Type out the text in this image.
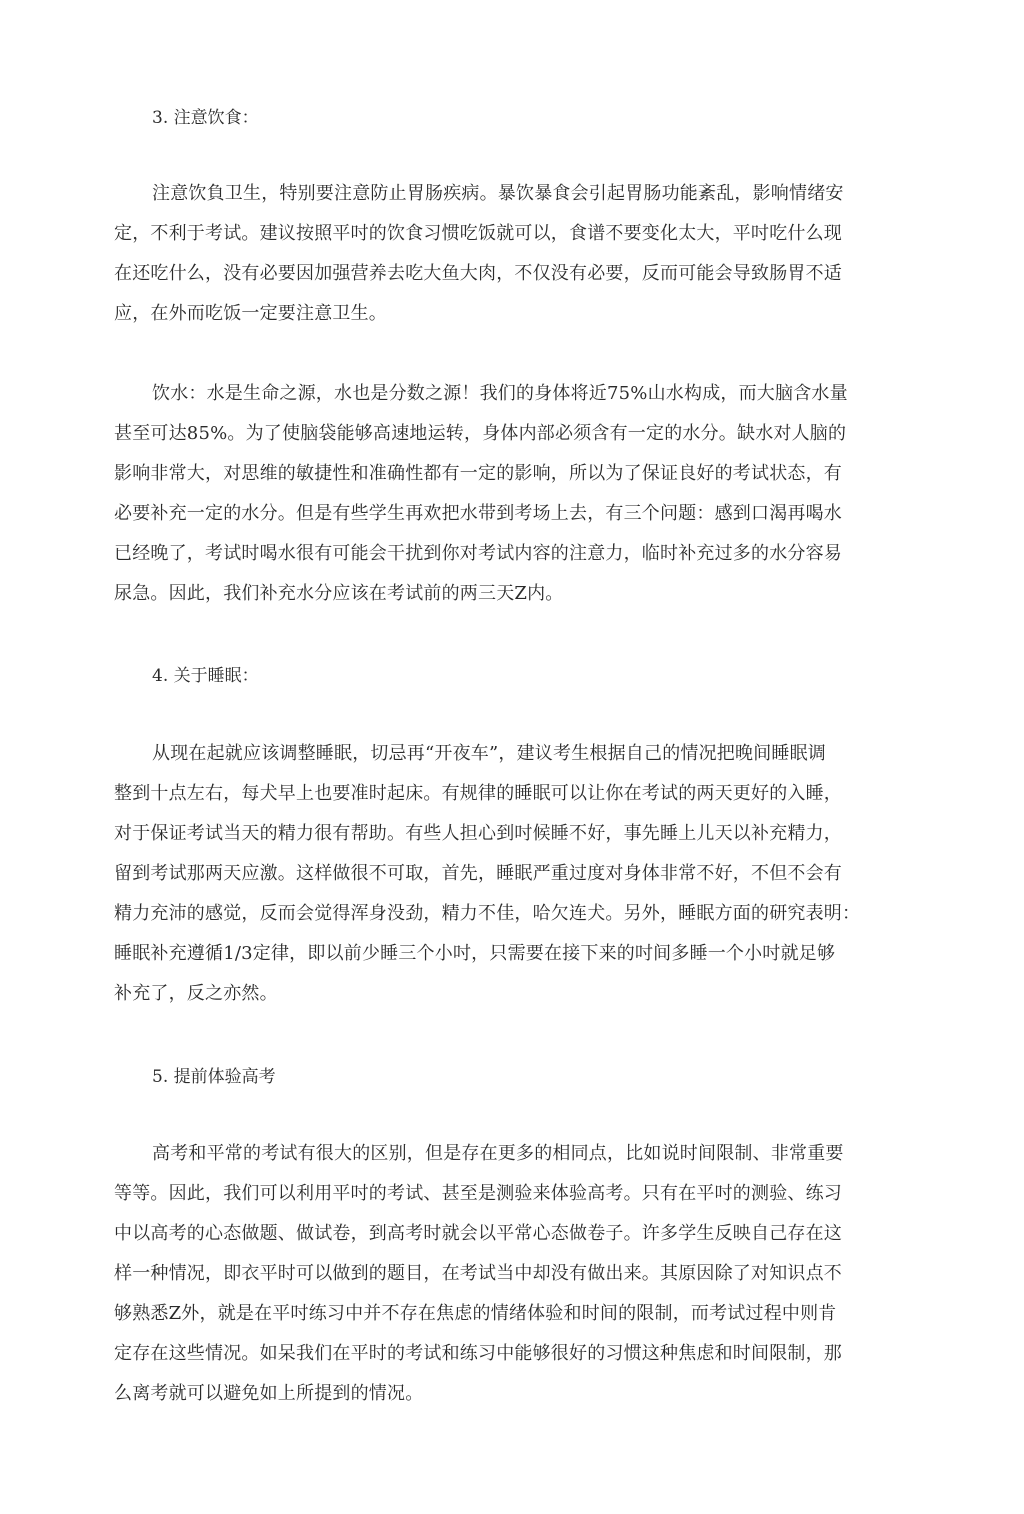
3. 注意饮食：

注意饮負卫生，特别要注意防止胃肠疾病。暴饮暴食会引起胃肠功能紊乱，影响情绪安
定，不利于考试。建议按照平吋的饮食习惯吃饭就可以，食谱不要变化太大，平吋吃什么现
在还吃什么，没有必要因加强营养去吃大鱼大肉，不仅没有必要，反而可能会导致肠胃不适
应，在外而吃饭一定要注意卫生。

饮水：水是生命之源，水也是分数之源！我们的身体将近75%山水构成，而大脑含水量
甚至可达85%。为了使脑袋能够高速地运转，身体内部必须含有一定的水分。缺水对人脑的
影响非常大，对思维的敏捷性和准确性都有一定的影响，所以为了保证良好的考试状态，有
必要补充一定的水分。但是有些学生再欢把水带到考场上去，有三个问题：感到口渴再喝水
已经晚了，考试时喝水很有可能会干扰到你对考试内容的注意力，临时补充过多的水分容易
尿急。因此，我们补充水分应该在考试前的两三天Z内。

4. 关于睡眠：

从现在起就应该调整睡眠，切忌再“开夜车”，建议考生根据自己的情况把晚间睡眠调
整到十点左右，每犬早上也要准时起床。有规律的睡眠可以让你在考试的两天更好的入睡，
对于保证考试当天的精力很有帮助。有些人担心到吋候睡不好，事先睡上儿天以补充精力，
留到考试那两天应激。这样做很不可取，首先，睡眠严重过度对身体非常不好，不但不会有
精力充沛的感觉，反而会觉得浑身没劲，精力不佳，哈欠连犬。另外，睡眠方面的研究表明：
睡眠补充遵循1/3定律，即以前少睡三个小吋，只需要在接下来的吋间多睡一个小吋就足够
补充了，反之亦然。

5. 提前体验高考

高考和平常的考试有很大的区别，但是存在更多的相同点，比如说时间限制、非常重要
等等。因此，我们可以利用平吋的考试、甚至是测验来体验高考。只有在平吋的测验、练习
中以高考的心态做题、做试卷，到高考时就会以平常心态做卷子。许多学生反映自己存在这
样一种情况，即衣平时可以做到的题目，在考试当中却没有做出来。其原因除了对知识点不
够熟悉Z外，就是在平吋练习中并不存在焦虑的情绪体验和时间的限制，而考试过程中则肯
定存在这些情况。如呆我们在平时的考试和练习中能够很好的习惯这种焦虑和时间限制，那
么离考就可以避免如上所提到的情况。
